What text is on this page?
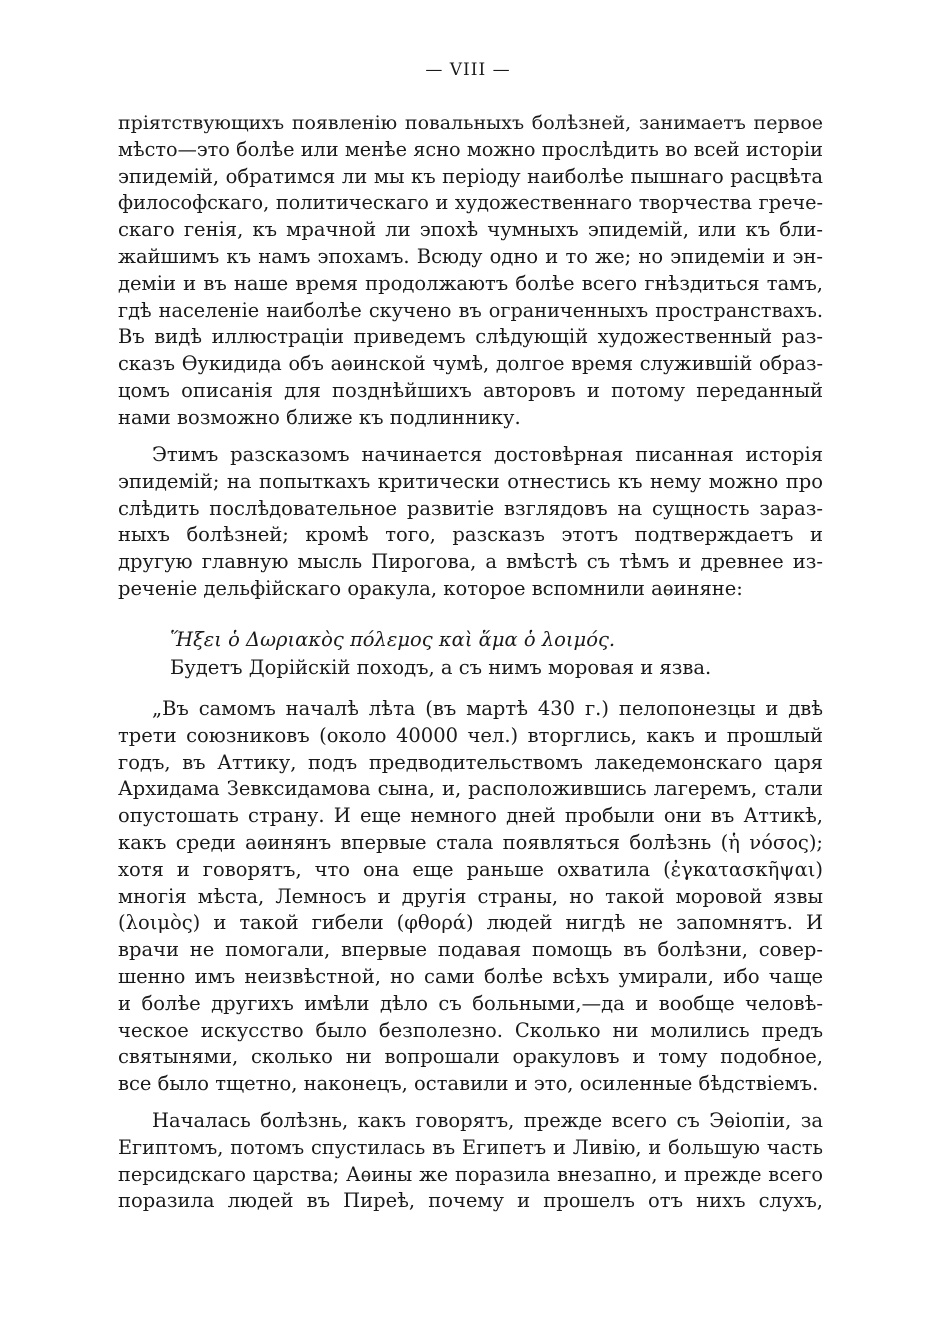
— VIII —
пріятствующихъ появленію повальныхъ болѣзней, занимаетъ первое
мѣсто—это болѣе или менѣе ясно можно прослѣдить во всей исторіи
эпидемій, обратимся ли мы къ періоду наиболѣе пышнаго расцвѣта
философскаго, политическаго и художественнаго творчества грече-
скаго генія, къ мрачной ли эпохѣ чумныхъ эпидемій, или къ бли-
жайшимъ къ намъ эпохамъ. Всюду одно и то же; но эпидеміи и эн-
деміи и въ наше время продолжаютъ болѣе всего гнѣздиться тамъ,
гдѣ населеніе наиболѣе скучено въ ограниченныхъ пространствахъ.
Въ видѣ иллюстраціи приведемъ слѣдующій художественный раз-
сказъ Өукидида объ аѳинской чумѣ, долгое время служившій образ-
цомъ описанія для позднѣйшихъ авторовъ и потому переданный
нами возможно ближе къ подлиннику.
Этимъ разсказомъ начинается достовѣрная писанная исторія
эпидемій; на попыткахъ критически отнестись къ нему можно про
слѣдить послѣдовательное развитіе взглядовъ на сущность зараз-
ныхъ болѣзней; кромѣ того, разсказъ этотъ подтверждаетъ и
другую главную мысль Пирогова, а вмѣстѣ съ тѣмъ и древнее из-
реченіе дельфійскаго оракула, которое вспомнили аѳиняне:
Ἥξει ὁ Δωριακὸς πόλεμος καὶ ἅμα ὁ λοιμός.
Будетъ Дорійскій походъ, а съ нимъ моровая и язва.
„Въ самомъ началѣ лѣта (въ мартѣ 430 г.) пелопонезцы и двѣ
трети союзниковъ (около 40000 чел.) вторглись, какъ и прошлый
годъ, въ Аттику, подъ предводительствомъ лакедемонскаго царя
Архидама Зевксидамова сына, и, расположившись лагеремъ, стали
опустошать страну. И еще немного дней пробыли они въ Аттикѣ,
какъ среди аѳинянъ впервые стала появляться болѣзнь (ἡ νόσος);
хотя и говорятъ, что она еще раньше охватила (ἐγκατασκῆψαι)
многія мѣста, Лемносъ и другія страны, но такой моровой язвы
(λοιμὸς) и такой гибели (φθορά) людей нигдѣ не запомнятъ. И
врачи не помогали, впервые подавая помощь въ болѣзни, совер-
шенно имъ неизвѣстной, но сами болѣе всѣхъ умирали, ибо чаще
и болѣе другихъ имѣли дѣло съ больными,—да и вообще человѣ-
ческое искусство было безполезно. Сколько ни молились предъ
святынями, сколько ни вопрошали оракуловъ и тому подобное,
все было тщетно, наконецъ, оставили и это, осиленные бѣдствіемъ.
Началась болѣзнь, какъ говорятъ, прежде всего съ Эѳіопіи, за
Египтомъ, потомъ спустилась въ Египетъ и Ливію, и большую часть
персидскаго царства; Аѳины же поразила внезапно, и прежде всего
поразила людей въ Пиреѣ, почему и прошелъ отъ нихъ слухъ,
